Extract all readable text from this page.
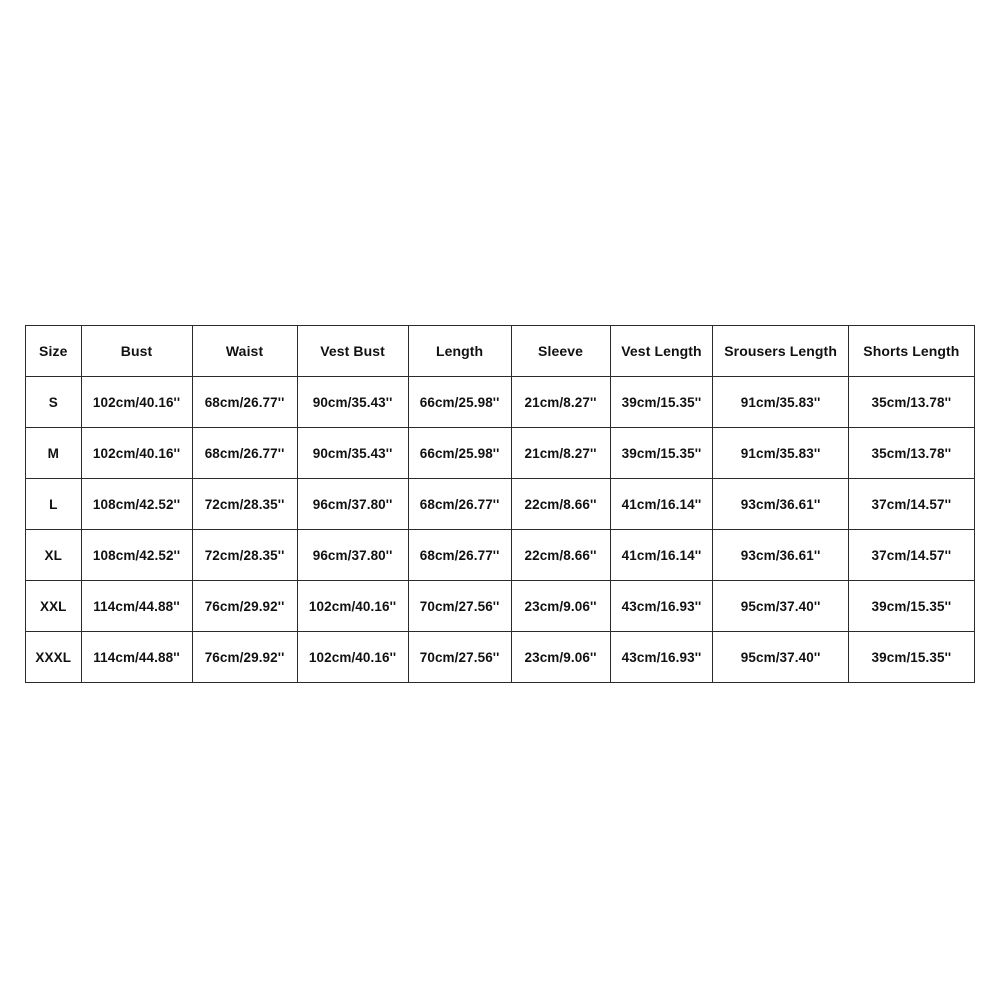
Size	Bust	Waist	Vest Bust	Length	Sleeve	Vest Length	Srousers Length	Shorts Length
S	102cm/40.16''	68cm/26.77''	90cm/35.43''	66cm/25.98''	21cm/8.27''	39cm/15.35''	91cm/35.83''	35cm/13.78''
M	102cm/40.16''	68cm/26.77''	90cm/35.43''	66cm/25.98''	21cm/8.27''	39cm/15.35''	91cm/35.83''	35cm/13.78''
L	108cm/42.52''	72cm/28.35''	96cm/37.80''	68cm/26.77''	22cm/8.66''	41cm/16.14''	93cm/36.61''	37cm/14.57''
XL	108cm/42.52''	72cm/28.35''	96cm/37.80''	68cm/26.77''	22cm/8.66''	41cm/16.14''	93cm/36.61''	37cm/14.57''
XXL	114cm/44.88''	76cm/29.92''	102cm/40.16''	70cm/27.56''	23cm/9.06''	43cm/16.93''	95cm/37.40''	39cm/15.35''
XXXL	114cm/44.88''	76cm/29.92''	102cm/40.16''	70cm/27.56''	23cm/9.06''	43cm/16.93''	95cm/37.40''	39cm/15.35''
